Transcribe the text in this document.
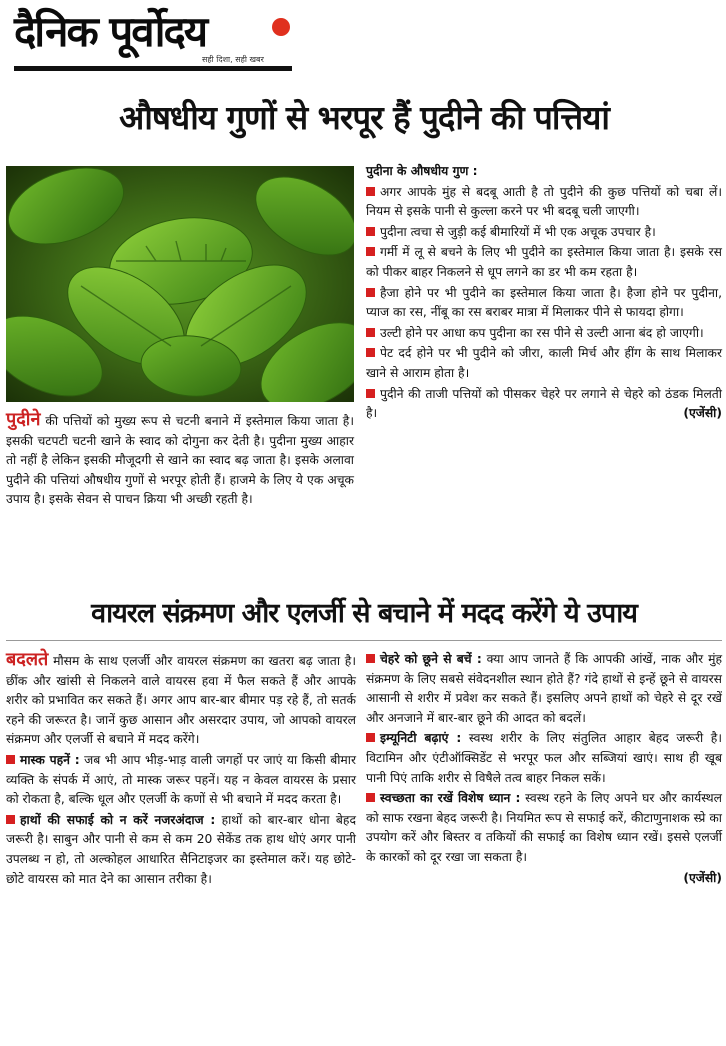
दैनिक पूर्वोदय
सही दिशा, सही खबर
औषधीय गुणों से भरपूर हैं पुदीने की पत्तियां
पुदीने की पत्तियों को मुख्य रूप से चटनी बनाने में इस्तेमाल किया जाता है। इसकी चटपटी चटनी खाने के स्वाद को दोगुना कर देती है। पुदीना मुख्य आहार तो नहीं है लेकिन इसकी मौजूदगी से खाने का स्वाद बढ़ जाता है। इसके अलावा पुदीने की पत्तियां औषधीय गुणों से भरपूर होती हैं। हाजमे के लिए ये एक अचूक उपाय है। इसके सेवन से पाचन क्रिया भी अच्छी रहती है।

पुदीना के औषधीय गुण :

अगर आपके मुंह से बदबू आती है तो पुदीने की कुछ पत्तियों को चबा लें। नियम से इसके पानी से कुल्ला करने पर भी बदबू चली जाएगी।

पुदीना त्वचा से जुड़ी कई बीमारियों में भी एक अचूक उपचार है।

गर्मी में लू से बचने के लिए भी पुदीने का इस्तेमाल किया जाता है। इसके रस को पीकर बाहर निकलने से धूप लगने का डर भी कम रहता है।

हैजा होने पर भी पुदीने का इस्तेमाल किया जाता है। हैजा होने पर पुदीना, प्याज का रस, नींबू का रस बराबर मात्रा में मिलाकर पीने से फायदा होगा।

उल्टी होने पर आधा कप पुदीना का रस पीने से उल्टी आना बंद हो जाएगी।

पेट दर्द होने पर भी पुदीने को जीरा, काली मिर्च और हींग के साथ मिलाकर खाने से आराम होता है।

पुदीने की ताजी पत्तियों को पीसकर चेहरे पर लगाने से चेहरे को ठंडक मिलती है।	(एजेंसी)

वायरल संक्रमण और एलर्जी से बचाने में मदद करेंगे ये उपाय

बदलते मौसम के साथ एलर्जी और वायरल संक्रमण का खतरा बढ़ जाता है। छींक और खांसी से निकलने वाले वायरस हवा में फैल सकते हैं और आपके शरीर को प्रभावित कर सकते हैं। अगर आप बार-बार बीमार पड़ रहे हैं, तो सतर्क रहने की जरूरत है। जानें कुछ आसान और असरदार उपाय, जो आपको वायरल संक्रमण और एलर्जी से बचाने में मदद करेंगे।

मास्क पहनें : जब भी आप भीड़-भाड़ वाली जगहों पर जाएं या किसी बीमार व्यक्ति के संपर्क में आएं, तो मास्क जरूर पहनें। यह न केवल वायरस के प्रसार को रोकता है, बल्कि धूल और एलर्जी के कणों से भी बचाने में मदद करता है।

हाथों की सफाई को न करें नजरअंदाज : हाथों को बार-बार धोना बेहद जरूरी है। साबुन और पानी से कम से कम 20 सेकेंड तक हाथ धोएं अगर पानी उपलब्ध न हो, तो अल्कोहल आधारित सैनिटाइजर का इस्तेमाल करें। यह छोटे-छोटे वायरस को मात देने का आसान तरीका है।

चेहरे को छूने से बचें : क्या आप जानते हैं कि आपकी आंखें, नाक और मुंह संक्रमण के लिए सबसे संवेदनशील स्थान होते हैं? गंदे हाथों से इन्हें छूने से वायरस आसानी से शरीर में प्रवेश कर सकते हैं। इसलिए अपने हाथों को चेहरे से दूर रखें और अनजाने में बार-बार छूने की आदत को बदलें।

इम्यूनिटी बढ़ाएं : स्वस्थ शरीर के लिए संतुलित आहार बेहद जरूरी है। विटामिन और एंटीऑक्सिडेंट से भरपूर फल और सब्जियां खाएं। साथ ही खूब पानी पिएं ताकि शरीर से विषैले तत्व बाहर निकल सकें।

स्वच्छता का रखें विशेष ध्यान : स्वस्थ रहने के लिए अपने घर और कार्यस्थल को साफ रखना बेहद जरूरी है। नियमित रूप से सफाई करें, कीटाणुनाशक स्प्रे का उपयोग करें और बिस्तर व तकियों की सफाई का विशेष ध्यान रखें। इससे एलर्जी के कारकों को दूर रखा जा सकता है।

(एजेंसी)
